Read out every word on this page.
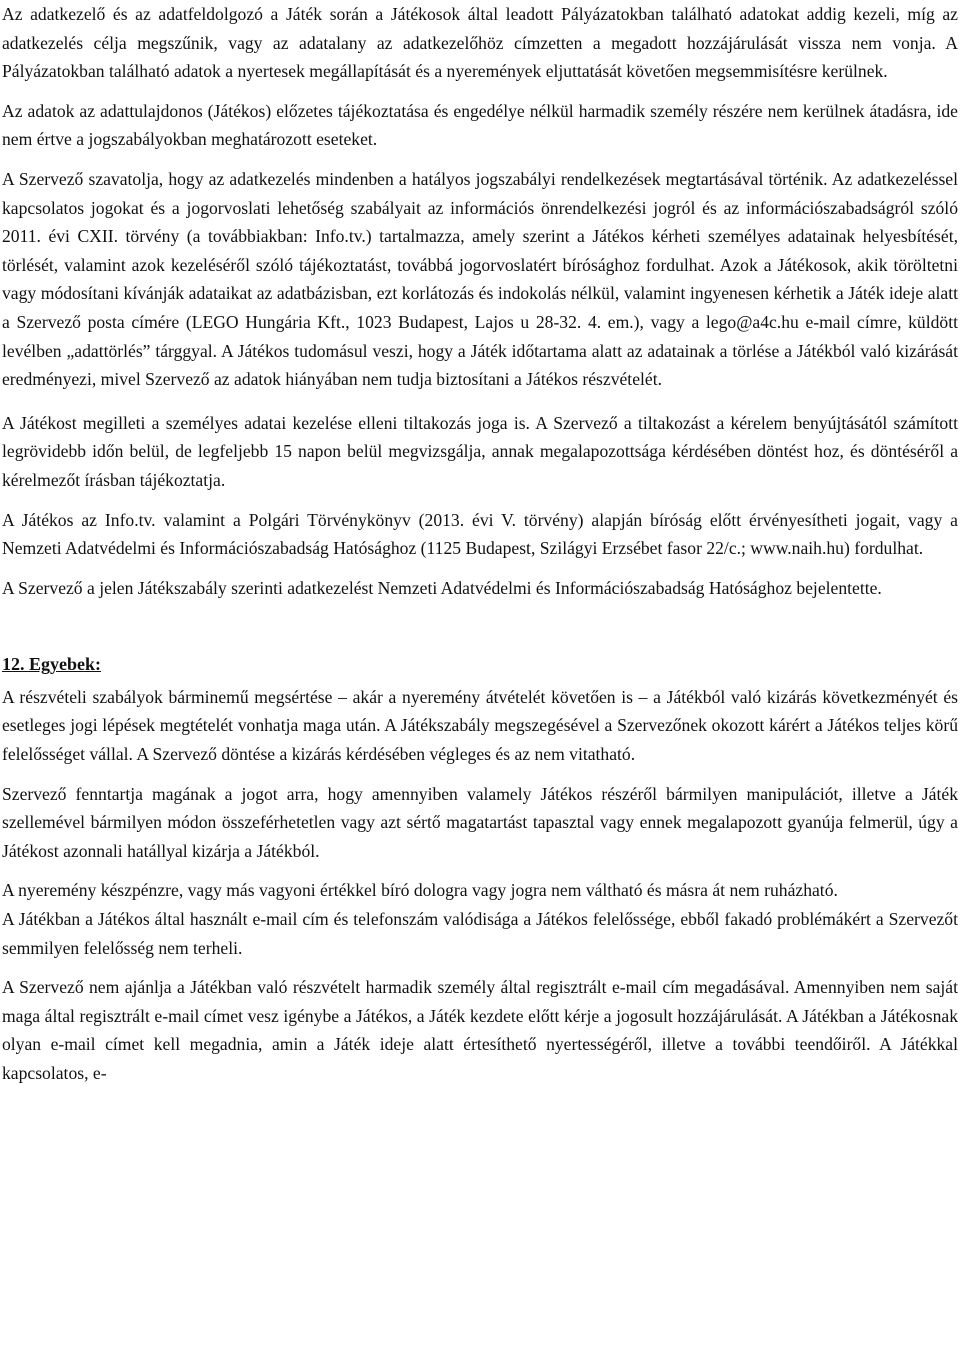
Az adatkezelő és az adatfeldolgozó a Játék során a Játékosok által leadott Pályázatokban található adatokat addig kezeli, míg az adatkezelés célja megszűnik, vagy az adatalany az adatkezelőhöz címzetten a megadott hozzájárulását vissza nem vonja. A Pályázatokban található adatok a nyertesek megállapítását és a nyeremények eljuttatását követően megsemmisítésre kerülnek.

Az adatok az adattulajdonos (Játékos) előzetes tájékoztatása és engedélye nélkül harmadik személy részére nem kerülnek átadásra, ide nem értve a jogszabályokban meghatározott eseteket.

A Szervező szavatolja, hogy az adatkezelés mindenben a hatályos jogszabályi rendelkezések megtartásával történik. Az adatkezeléssel kapcsolatos jogokat és a jogorvoslati lehetőség szabályait az információs önrendelkezési jogról és az információszabadságról szóló 2011. évi CXII. törvény (a továbbiakban: Info.tv.) tartalmazza, amely szerint a Játékos kérheti személyes adatainak helyesbítését, törlését, valamint azok kezeléséről szóló tájékoztatást, továbbá jogorvoslatért bírósághoz fordulhat. Azok a Játékosok, akik töröltetni vagy módosítani kívánják adataikat az adatbázisban, ezt korlátozás és indokolás nélkül, valamint ingyenesen kérhetik a Játék ideje alatt a Szervező posta címére (LEGO Hungária Kft., 1023 Budapest, Lajos u 28-32. 4. em.), vagy a lego@a4c.hu e-mail címre, küldött levélben „adattörlés” tárggyal. A Játékos tudomásul veszi, hogy a Játék időtartama alatt az adatainak a törlése a Játékból való kizárását eredményezi, mivel Szervező az adatok hiányában nem tudja biztosítani a Játékos részvételét.

A Játékost megilleti a személyes adatai kezelése elleni tiltakozás joga is. A Szervező a tiltakozást a kérelem benyújtásától számított legrövidebb időn belül, de legfeljebb 15 napon belül megvizsgálja, annak megalapozottsága kérdésében döntést hoz, és döntéséről a kérelmezőt írásban tájékoztatja.

A Játékos az Info.tv. valamint a Polgári Törvénykönyv (2013. évi V. törvény) alapján bíróság előtt érvényesítheti jogait, vagy a Nemzeti Adatvédelmi és Információszabadság Hatósághoz (1125 Budapest, Szilágyi Erzsébet fasor 22/c.; www.naih.hu) fordulhat.

A Szervező a jelen Játékszabály szerinti adatkezelést Nemzeti Adatvédelmi és Információszabadság Hatósághoz bejelentette.

12. Egyebek:

A részvételi szabályok bárminemű megsértése – akár a nyeremény átvételét követően is – a Játékból való kizárás következményét és esetleges jogi lépések megtételét vonhatja maga után. A Játékszabály megszegésével a Szervezőnek okozott kárért a Játékos teljes körű felelősséget vállal. A Szervező döntése a kizárás kérdésében végleges és az nem vitatható.

Szervező fenntartja magának a jogot arra, hogy amennyiben valamely Játékos részéről bármilyen manipulációt, illetve a Játék szellemével bármilyen módon összeférhetetlen vagy azt sértő magatartást tapasztal vagy ennek megalapozott gyanúja felmerül, úgy a Játékost azonnali hatállyal kizárja a Játékból.

A nyeremény készpénzre, vagy más vagyoni értékkel bíró dologra vagy jogra nem váltható és másra át nem ruházható.

A Játékban a Játékos által használt e-mail cím és telefonszám valódisága a Játékos felelőssége, ebből fakadó problémákért a Szervezőt semmilyen felelősség nem terheli.

A Szervező nem ajánlja a Játékban való részvételt harmadik személy által regisztrált e-mail cím megadásával. Amennyiben nem saját maga által regisztrált e-mail címet vesz igénybe a Játékos, a Játék kezdete előtt kérje a jogosult hozzájárulását. A Játékban a Játékosnak olyan e-mail címet kell megadnia, amin a Játék ideje alatt értesíthető nyertességéről, illetve a további teendőiről. A Játékkal kapcsolatos, e-
